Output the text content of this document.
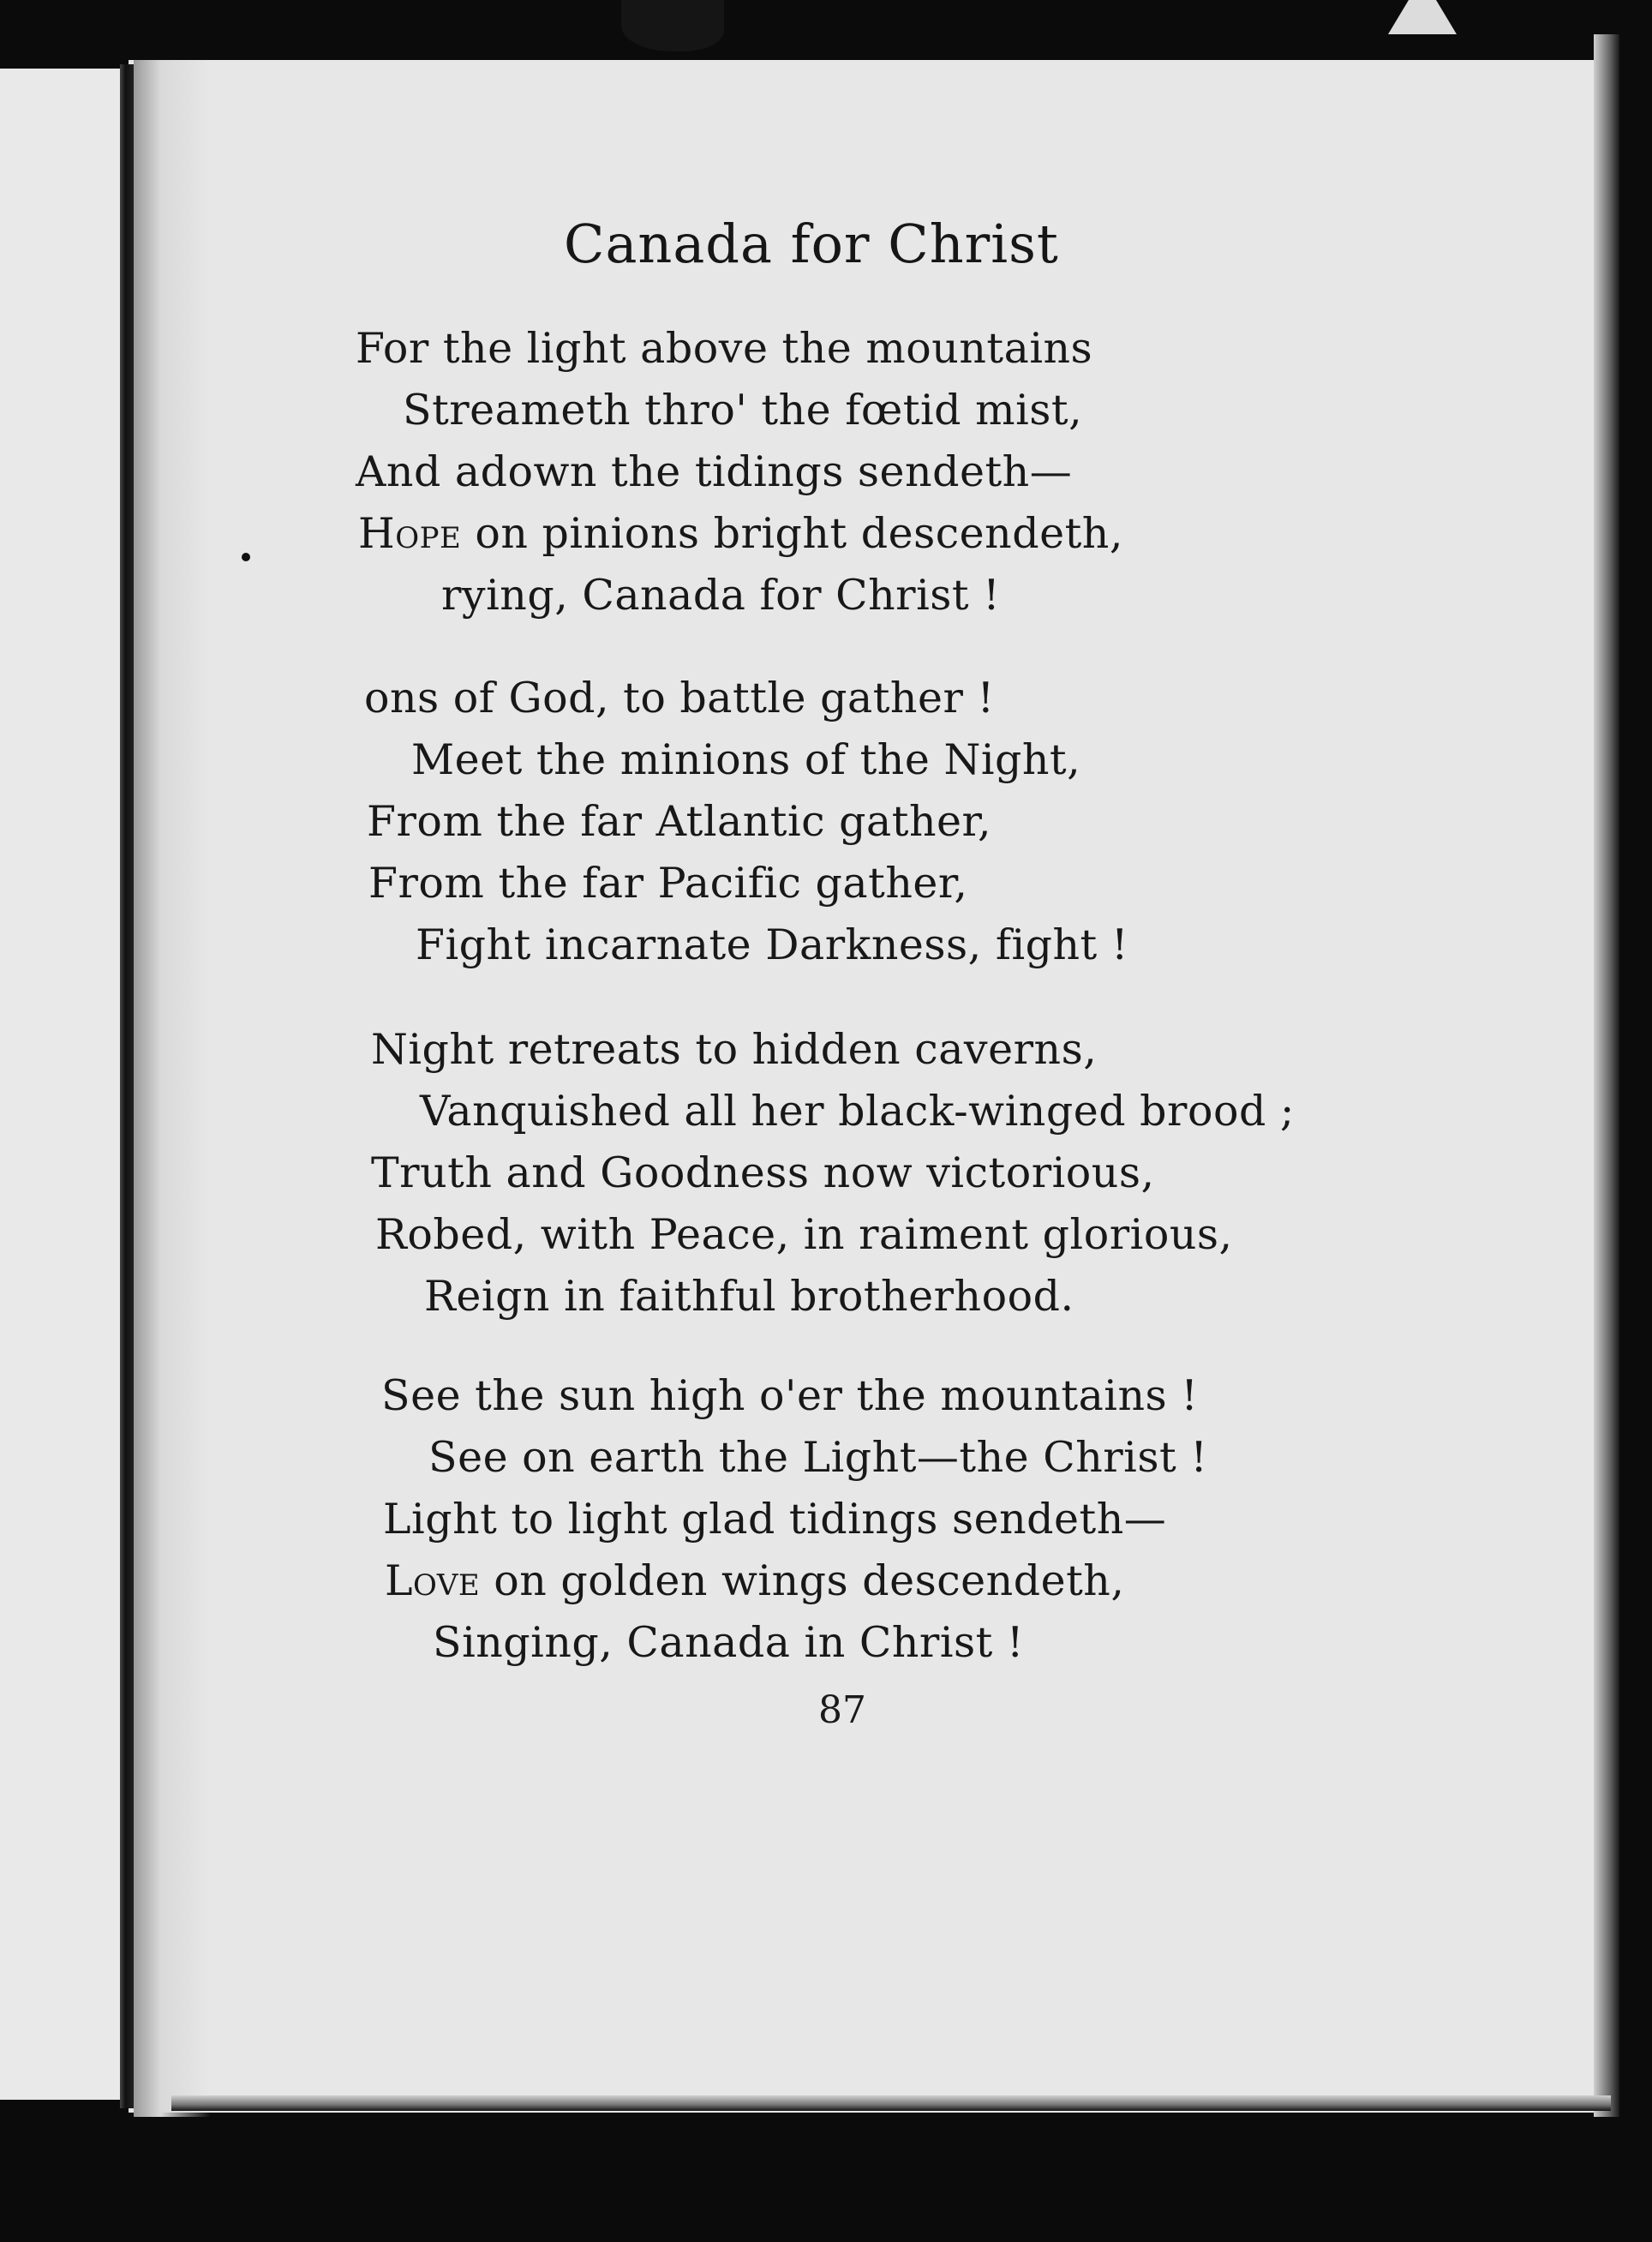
Canada for Christ
For the light above the mountains
Streameth thro' the fœtid mist,
And adown the tidings sendeth—
Hope on pinions bright descendeth,
rying, Canada for Christ !
ons of God, to battle gather !
Meet the minions of the Night,
From the far Atlantic gather,
From the far Pacific gather,
Fight incarnate Darkness, fight !
Night retreats to hidden caverns,
Vanquished all her black-winged brood ;
Truth and Goodness now victorious,
Robed, with Peace, in raiment glorious,
Reign in faithful brotherhood.
See the sun high o'er the mountains !
See on earth the Light—the Christ !
Light to light glad tidings sendeth—
Love on golden wings descendeth,
Singing, Canada in Christ !
87
